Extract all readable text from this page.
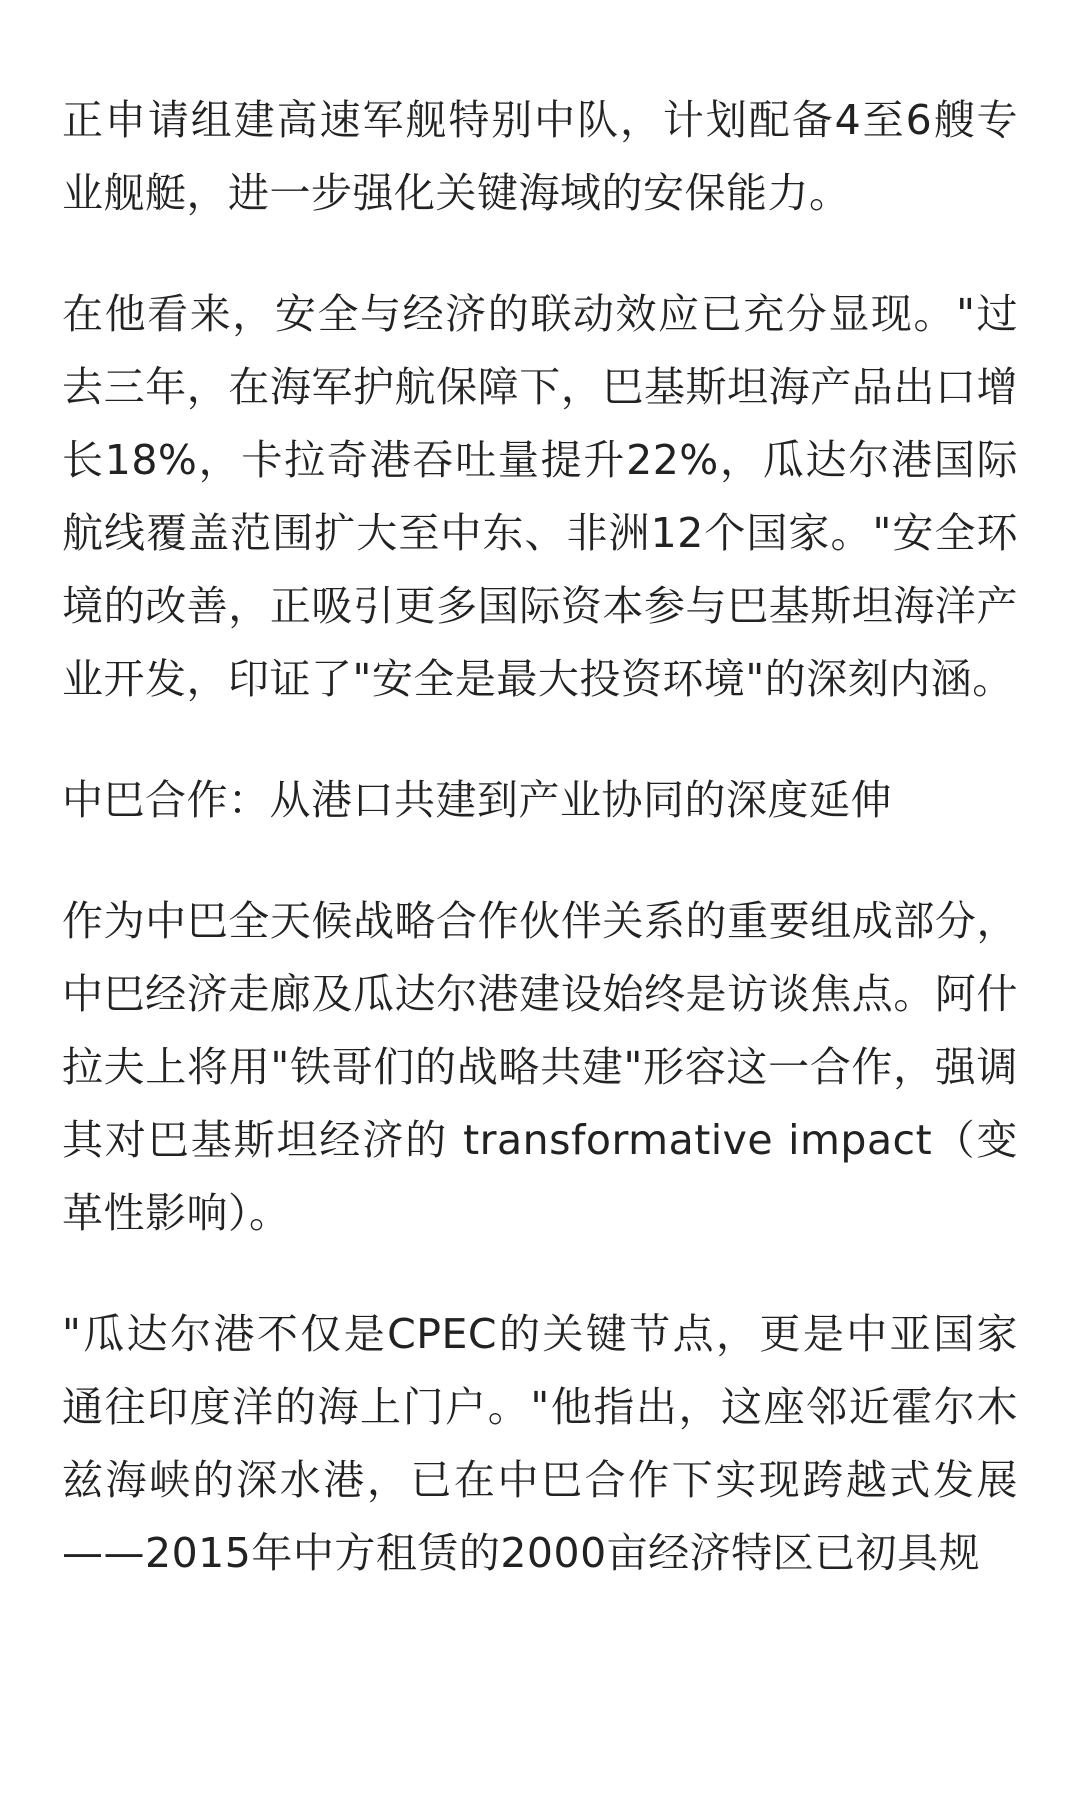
正申请组建高速军舰特别中队，计划配备4至6艘专业舰艇，进一步强化关键海域的安保能力。

在他看来，安全与经济的联动效应已充分显现。"过去三年，在海军护航保障下，巴基斯坦海产品出口增长18%，卡拉奇港吞吐量提升22%，瓜达尔港国际航线覆盖范围扩大至中东、非洲12个国家。"安全环境的改善，正吸引更多国际资本参与巴基斯坦海洋产业开发，印证了"安全是最大投资环境"的深刻内涵。

中巴合作：从港口共建到产业协同的深度延伸

作为中巴全天候战略合作伙伴关系的重要组成部分，中巴经济走廊及瓜达尔港建设始终是访谈焦点。阿什拉夫上将用"铁哥们的战略共建"形容这一合作，强调其对巴基斯坦经济的 transformative impact（变革性影响）。

"瓜达尔港不仅是CPEC的关键节点，更是中亚国家通往印度洋的海上门户。"他指出，这座邻近霍尔木兹海峡的深水港，已在中巴合作下实现跨越式发展——2015年中方租赁的2000亩经济特区已初具规
